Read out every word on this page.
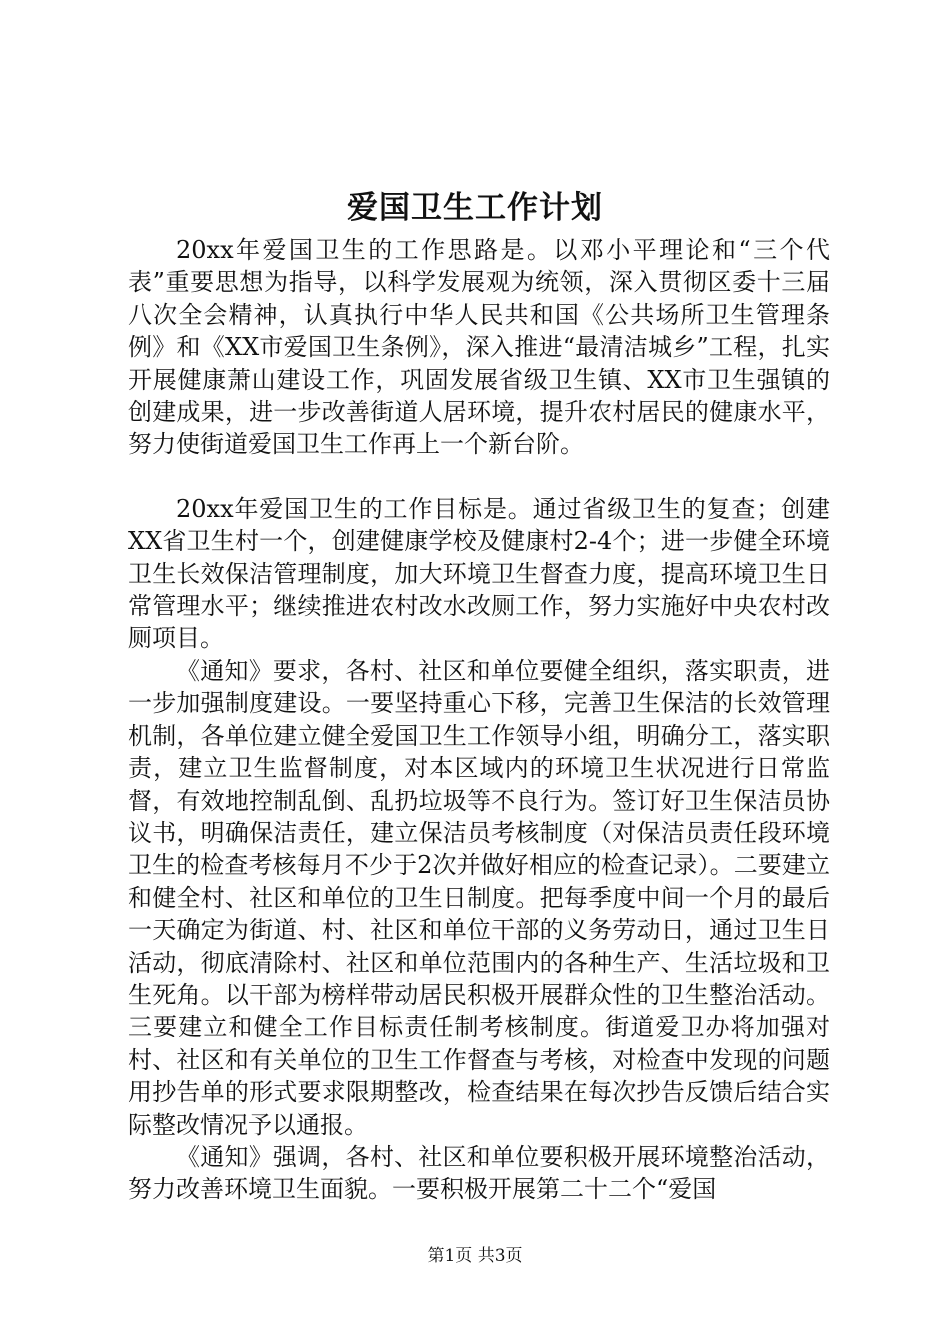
爱国卫生工作计划

20xx年爱国卫生的工作思路是。以邓小平理论和“三个代表”重要思想为指导，以科学发展观为统领，深入贯彻区委十三届八次全会精神，认真执行中华人民共和国《公共场所卫生管理条例》和《XX市爱国卫生条例》，深入推进“最清洁城乡”工程，扎实开展健康萧山建设工作，巩固发展省级卫生镇、XX市卫生强镇的创建成果，进一步改善街道人居环境，提升农村居民的健康水平，努力使街道爱国卫生工作再上一个新台阶。

20xx年爱国卫生的工作目标是。通过省级卫生的复查；创建XX省卫生村一个，创建健康学校及健康村2-4个；进一步健全环境卫生长效保洁管理制度，加大环境卫生督查力度，提高环境卫生日常管理水平；继续推进农村改水改厕工作，努力实施好中央农村改厕项目。

《通知》要求，各村、社区和单位要健全组织，落实职责，进一步加强制度建设。一要坚持重心下移，完善卫生保洁的长效管理机制，各单位建立健全爱国卫生工作领导小组，明确分工，落实职责，建立卫生监督制度，对本区域内的环境卫生状况进行日常监督，有效地控制乱倒、乱扔垃圾等不良行为。签订好卫生保洁员协议书，明确保洁责任，建立保洁员考核制度（对保洁员责任段环境卫生的检查考核每月不少于2次并做好相应的检查记录）。二要建立和健全村、社区和单位的卫生日制度。把每季度中间一个月的最后一天确定为街道、村、社区和单位干部的义务劳动日，通过卫生日活动，彻底清除村、社区和单位范围内的各种生产、生活垃圾和卫生死角。以干部为榜样带动居民积极开展群众性的卫生整治活动。三要建立和健全工作目标责任制考核制度。街道爱卫办将加强对村、社区和有关单位的卫生工作督查与考核，对检查中发现的问题用抄告单的形式要求限期整改，检查结果在每次抄告反馈后结合实际整改情况予以通报。

《通知》强调，各村、社区和单位要积极开展环境整治活动，努力改善环境卫生面貌。一要积极开展第二十二个“爱国

第1页 共3页
